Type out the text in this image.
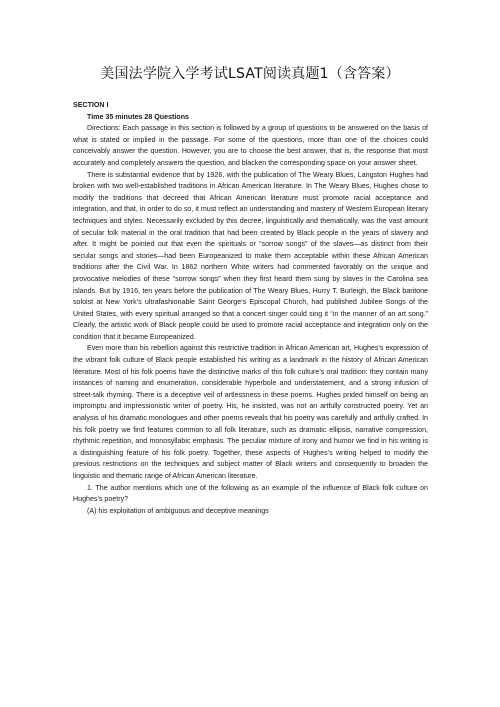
美国法学院入学考试LSAT阅读真题1（含答案）

SECTION I

Time 35 minutes 28 Questions

Directions: Each passage in this section is followed by a group of questions to be answered on the basis of what is stated or implied in the passage. For some of the questions, more than one of the choices could conceivably answer the question. However, you are to choose the best answer, that is, the response that most accurately and completely answers the question, and blacken the corresponding space on your answer sheet.

There is substantial evidence that by 1926, with the publication of The Weary Blues, Langston Hughes had broken with two well-established traditions in African American literature. In The Weary Blues, Hughes chose to modify the traditions that decreed that African American literature must promote racial acceptance and integration, and that, in order to do so, it must reflect an understanding and mastery of Western European literary techniques and styles. Necessarily excluded by this decree, linguistically and thematically, was the vast amount of secular folk material in the oral tradition that had been created by Black people in the years of slavery and after. It might be pointed out that even the spirituals or “sorrow songs” of the slaves—as distinct from their secular songs and stories—had been Europeanized to make them acceptable within these African American traditions after the Civil War. In 1862 northern White writers had commented favorably on the unique and provocative melodies of these “sorrow songs” when they first heard them sung by slaves in the Carolina sea islands. But by 1916, ten years before the publication of The Weary Blues, Hurry T. Burleigh, the Black baritone soloist at New York’s ultrafashionable Saint George’s Episcopal Church, had published Jubilee Songs of the United States, with every spiritual arranged so that a concert singer could sing it “in the manner of an art song.” Clearly, the artistic work of Black people could be used to promote racial acceptance and integration only on the condition that it became Europeanized.

Even more than his rebellion against this restrictive tradition in African American art, Hughes’s expression of the vibrant folk culture of Black people established his writing as a landmark in the history of African American literature. Most of his folk poems have the distinctive marks of this folk culture’s oral tradition: they contain many instances of naming and enumeration, considerable hyperbole and understatement, and a strong infusion of street-talk rhyming. There is a deceptive veil of artlessness in these poems. Hughes prided himself on being an impromptu and impressionistic writer of poetry. His, he insisted, was not an artfully constructed poetry. Yet an analysis of his dramatic monologues and other poems reveals that his poetry was carefully and artfully crafted. In his folk poetry we find features common to all folk literature, such as dramatic ellipsis, narrative compression, rhythmic repetition, and monosyllabic emphasis. The peculiar mixture of irony and humor we find in his writing is a distinguishing feature of his folk poetry. Together, these aspects of Hughes’s writing helped to modify the previous restrictions on the techniques and subject matter of Black writers and consequently to broaden the linguistic and thematic range of African American literature.

1. The author mentions which one of the following as an example of the influence of Black folk culture on Hughes’s poetry?

(A) his exploitation of ambiguous and deceptive meanings
